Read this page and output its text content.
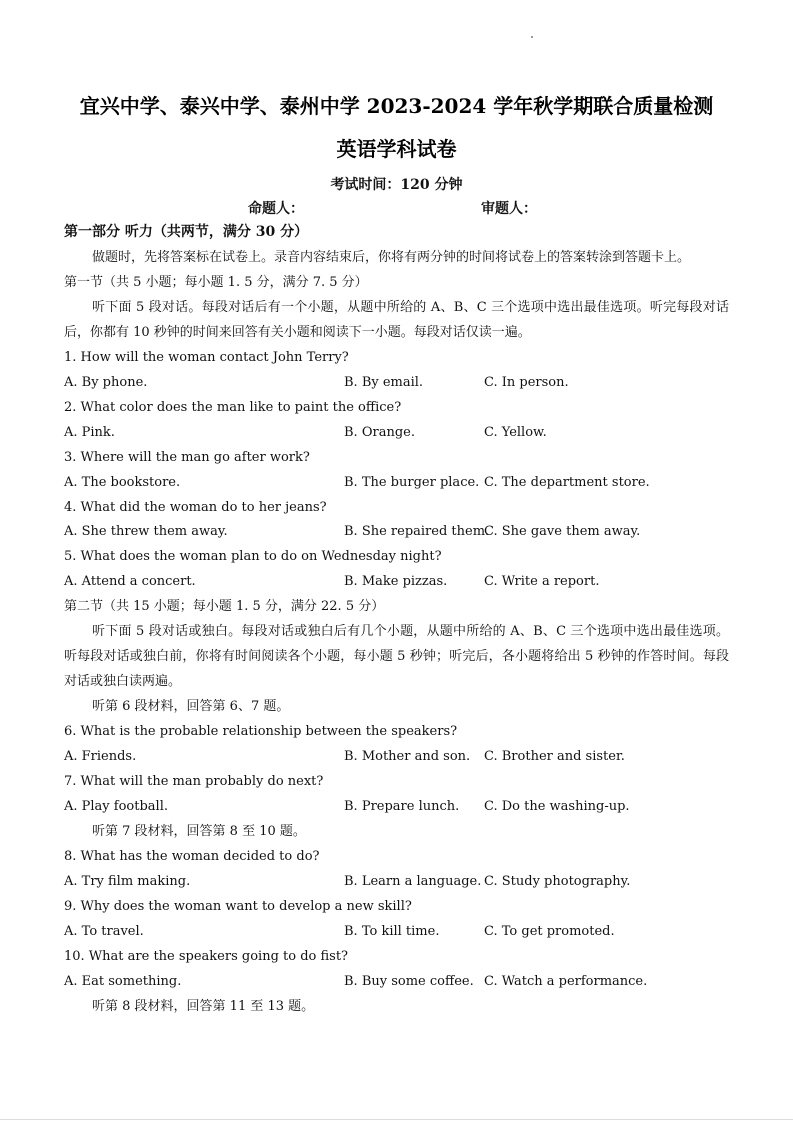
宜兴中学、泰兴中学、泰州中学 2023-2024 学年秋学期联合质量检测
英语学科试卷
考试时间：120 分钟
命题人：	审题人：
第一部分 听力（共两节，满分 30 分）
做题时，先将答案标在试卷上。录音内容结束后，你将有两分钟的时间将试卷上的答案转涂到答题卡上。
第一节（共 5 小题；每小题 1. 5 分，满分 7. 5 分）
听下面 5 段对话。每段对话后有一个小题，从题中所给的 A、B、C 三个选项中选出最佳选项。听完每段对话后，你都有 10 秒钟的时间来回答有关小题和阅读下一小题。每段对话仅读一遍。
1. How will the woman contact John Terry?
A. By phone.	B. By email.	C. In person.
2. What color does the man like to paint the office?
A. Pink.	B. Orange.	C. Yellow.
3. Where will the man go after work?
A. The bookstore.	B. The burger place. C. The department store.
4. What did the woman do to her jeans?
A. She threw them away.	B. She repaired them.
C. She gave them away.
5. What does the woman plan to do on Wednesday night?
A. Attend a concert.	B. Make pizzas.	C. Write a report.
第二节（共 15 小题；每小题 1. 5 分，满分 22. 5 分）
听下面 5 段对话或独白。每段对话或独白后有几个小题，从题中所给的 A、B、C 三个选项中选出最佳选项。听每段对话或独白前，你将有时间阅读各个小题，每小题 5 秒钟；听完后，各小题将给出 5 秒钟的作答时间。每段对话或独白读两遍。
听第 6 段材料，回答第 6、7 题。
6. What is the probable relationship between the speakers?
A. Friends.	B. Mother and son. C. Brother and sister.
7. What will the man probably do next?
A. Play football.	B. Prepare lunch. C. Do the washing-up.
听第 7 段材料，回答第 8 至 10 题。
8. What has the woman decided to do?
A. Try film making.	B. Learn a language. C. Study photography.
9. Why does the woman want to develop a new skill?
A. To travel.	B. To kill time.	C. To get promoted.
10. What are the speakers going to do fist?
A. Eat something.	B. Buy some coffee. C. Watch a performance.
听第 8 段材料，回答第 11 至 13 题。
